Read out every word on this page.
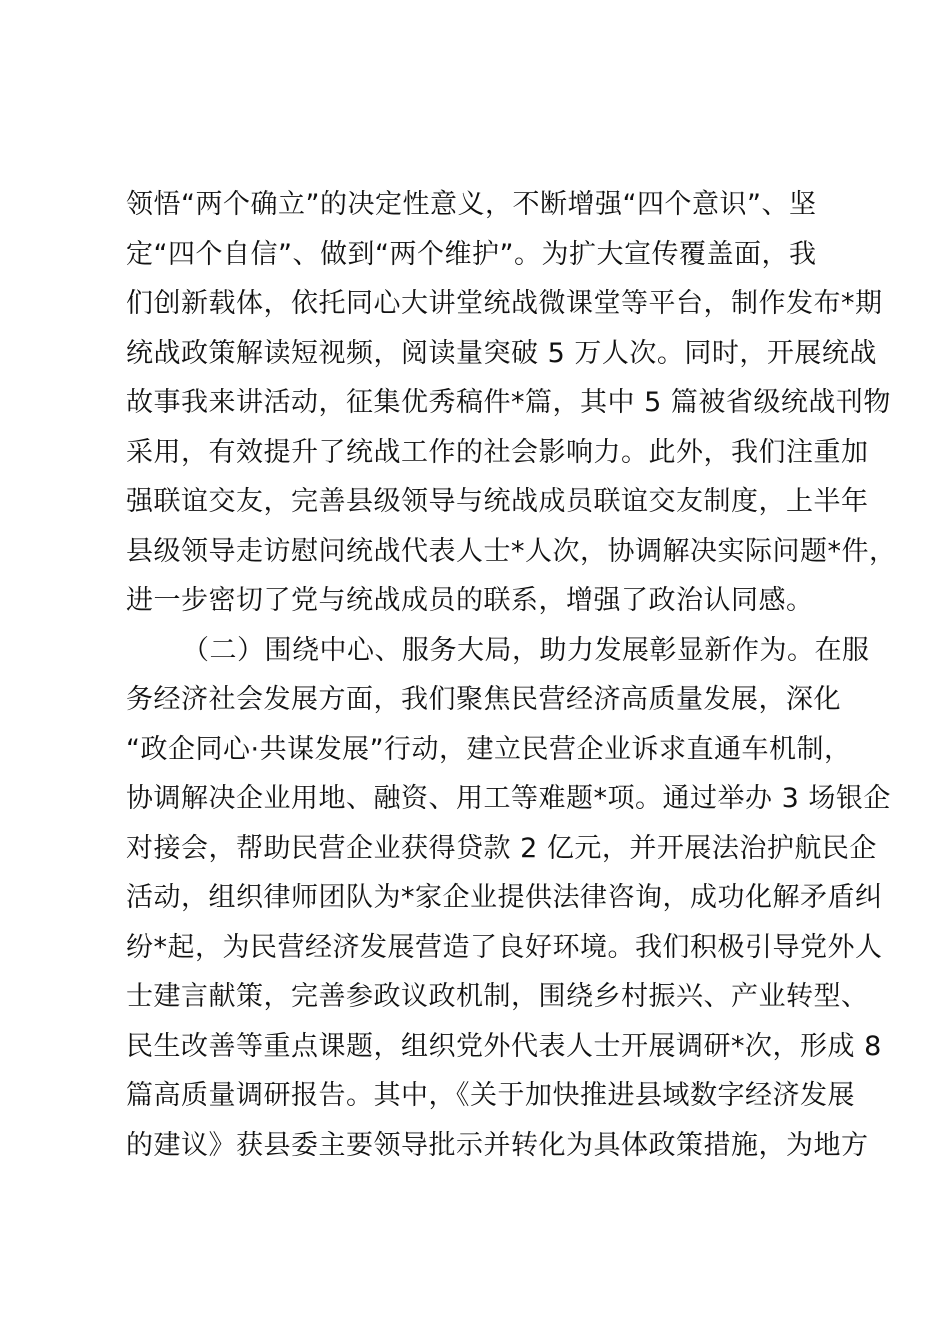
领悟“两个确立”的决定性意义，不断增强“四个意识”、坚

定“四个自信”、做到“两个维护”。为扩大宣传覆盖面，我

们创新载体，依托同心大讲堂统战微课堂等平台，制作发布*期

统战政策解读短视频，阅读量突破 5 万人次。同时，开展统战

故事我来讲活动，征集优秀稿件*篇，其中 5 篇被省级统战刊物

采用，有效提升了统战工作的社会影响力。此外，我们注重加

强联谊交友，完善县级领导与统战成员联谊交友制度，上半年

县级领导走访慰问统战代表人士*人次，协调解决实际问题*件，

进一步密切了党与统战成员的联系，增强了政治认同感。

（二）围绕中心、服务大局，助力发展彰显新作为。在服

务经济社会发展方面，我们聚焦民营经济高质量发展，深化

“政企同心·共谋发展”行动，建立民营企业诉求直通车机制，

协调解决企业用地、融资、用工等难题*项。通过举办 3 场银企

对接会，帮助民营企业获得贷款 2 亿元，并开展法治护航民企

活动，组织律师团队为*家企业提供法律咨询，成功化解矛盾纠

纷*起，为民营经济发展营造了良好环境。我们积极引导党外人

士建言献策，完善参政议政机制，围绕乡村振兴、产业转型、

民生改善等重点课题，组织党外代表人士开展调研*次，形成 8

篇高质量调研报告。其中，《关于加快推进县域数字经济发展

的建议》获县委主要领导批示并转化为具体政策措施，为地方
